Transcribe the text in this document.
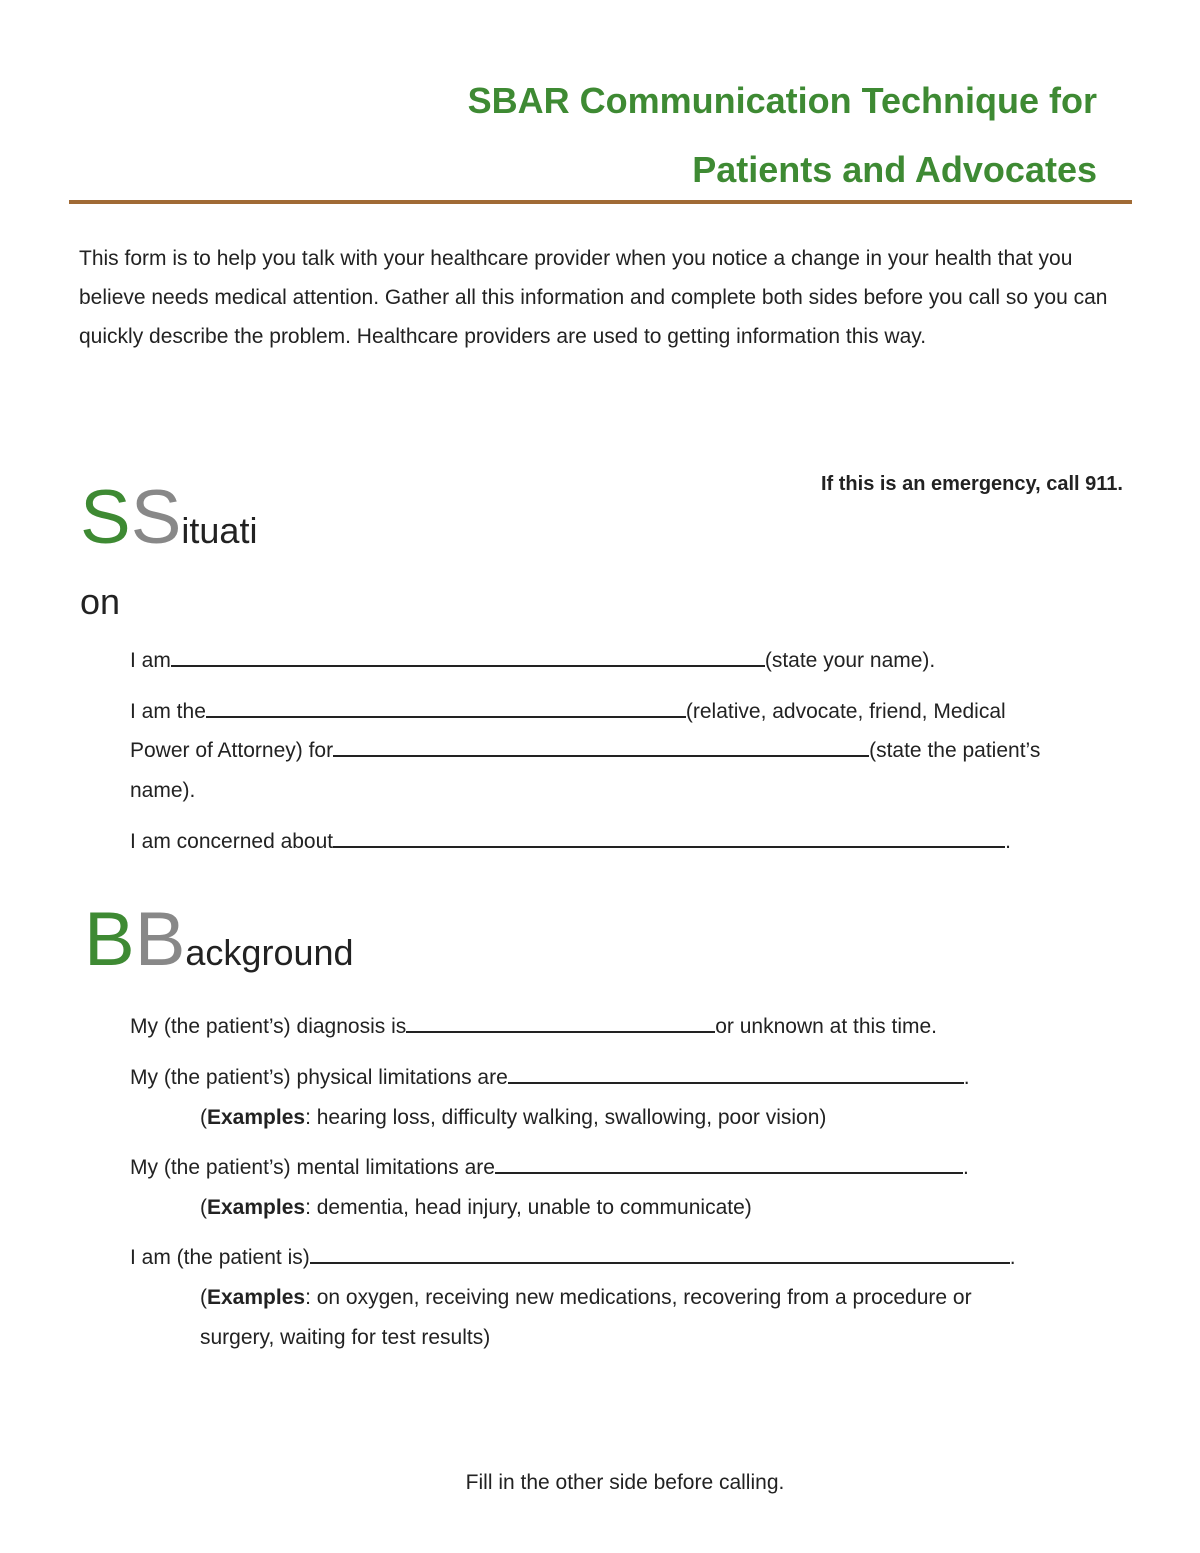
SBAR Communication Technique for
Patients and Advocates
This form is to help you talk with your healthcare provider when you notice a change in your health that you believe needs medical attention. Gather all this information and complete both sides before you call so you can quickly describe the problem. Healthcare providers are used to getting information this way.
If this is an emergency, call 911.
SSituati
on
I am	(state your name).
I am the	(relative, advocate, friend, Medical
Power of Attorney) for	(state the patient’s
name).
I am concerned about	.
BBackground
My (the patient’s) diagnosis is	or unknown at this time.
My (the patient’s) physical limitations are	.
(Examples: hearing loss, difficulty walking, swallowing, poor vision)
My (the patient’s) mental limitations are	.
(Examples: dementia, head injury, unable to communicate)
I am (the patient is)	.
(Examples: on oxygen, receiving new medications, recovering from a procedure or
surgery, waiting for test results)
Fill in the other side before calling.
